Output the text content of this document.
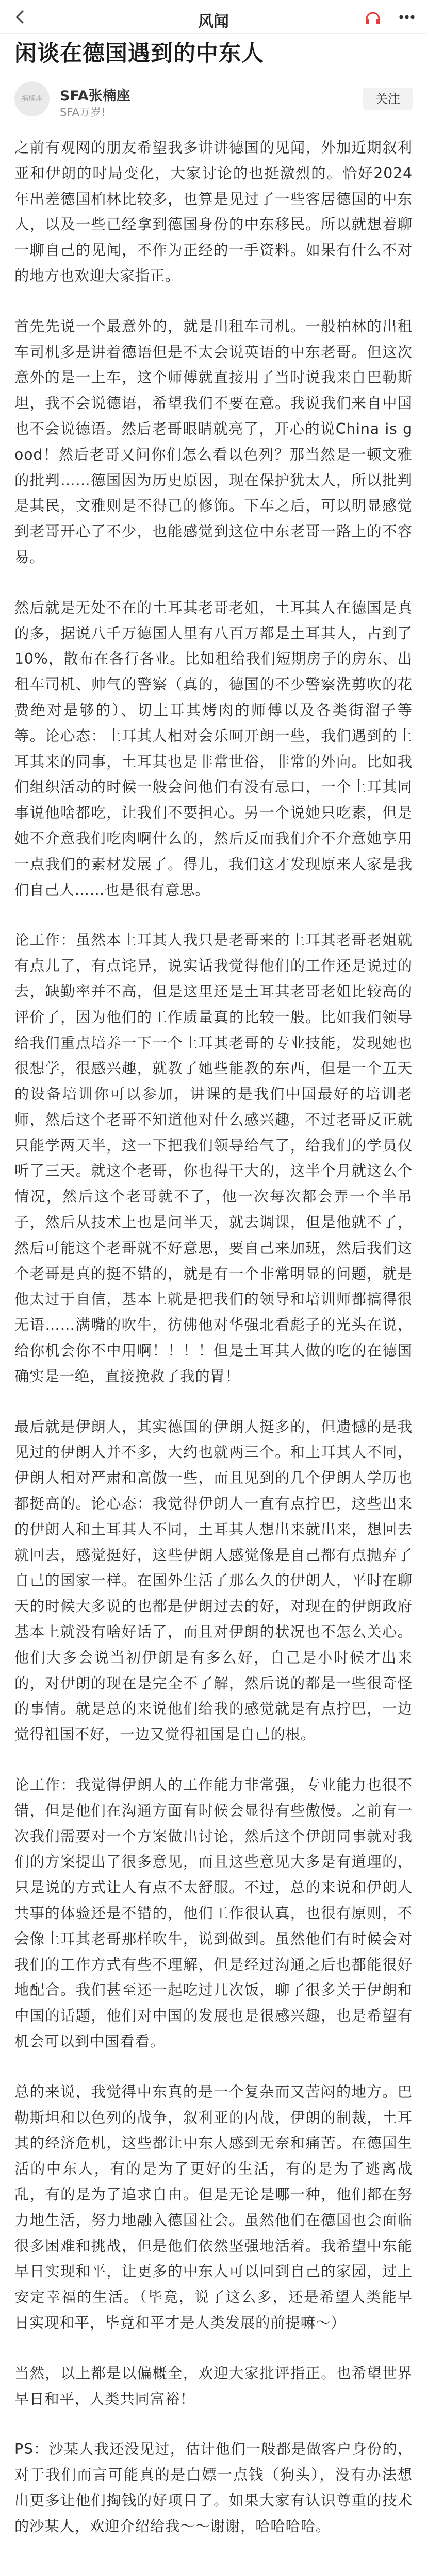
风闻
闲谈在德国遇到的中东人
福楠座	SFA张楠座
SFA万岁!
关注

之前有观网的朋友希望我多讲讲德国的见闻，外加近期叙利亚和伊朗的时局变化，大家讨论的也挺激烈的。恰好2024年出差德国柏林比较多，也算是见过了一些客居德国的中东人，以及一些已经拿到德国身份的中东移民。所以就想着聊一聊自己的见闻，不作为正经的一手资料。如果有什么不对的地方也欢迎大家指正。

首先先说一个最意外的，就是出租车司机。一般柏林的出租车司机多是讲着德语但是不太会说英语的中东老哥。但这次意外的是一上车，这个师傅就直接用了当时说我来自巴勒斯坦，我不会说德语，希望我们不要在意。我说我们来自中国也不会说德语。然后老哥眼睛就亮了，开心的说China is good！然后老哥又问你们怎么看以色列？那当然是一顿文雅的批判……德国因为历史原因，现在保护犹太人，所以批判是其民，文雅则是不得已的修饰。下车之后，可以明显感觉到老哥开心了不少，也能感觉到这位中东老哥一路上的不容易。

然后就是无处不在的土耳其老哥老姐，土耳其人在德国是真的多，据说八千万德国人里有八百万都是土耳其人，占到了10%，散布在各行各业。比如租给我们短期房子的房东、出租车司机、帅气的警察（真的，德国的不少警察洗剪吹的花费绝对是够的）、切土耳其烤肉的师傅以及各类街溜子等等。论心态：土耳其人相对会乐呵开朗一些，我们遇到的土耳其来的同事，土耳其也是非常世俗，非常的外向。比如我们组织活动的时候一般会问他们有没有忌口，一个土耳其同事说他啥都吃，让我们不要担心。另一个说她只吃素，但是她不介意我们吃肉啊什么的，然后反而我们介不介意她享用一点我们的素材发展了。得儿，我们这才发现原来人家是我们自己人……也是很有意思。

论工作：虽然本土耳其人我只是老哥来的土耳其老哥老姐就有点儿了，有点诧异，说实话我觉得他们的工作还是说过的去，缺勤率并不高，但是这里还是土耳其老哥老姐比较高的评价了，因为他们的工作质量真的比较一般。比如我们领导给我们重点培养一下一个土耳其老哥的专业技能，发现她也很想学，很感兴趣，就教了她些能教的东西，但是一个五天的设备培训你可以参加，讲课的是我们中国最好的培训老师，然后这个老哥不知道他对什么感兴趣，不过老哥反正就只能学两天半，这一下把我们领导给气了，给我们的学员仅听了三天。就这个老哥，你也得干大的，这半个月就这么个情况，然后这个老哥就不了，他一次每次都会弄一个半吊子，然后从技术上也是问半天，就去调课，但是他就不了，然后可能这个老哥就不好意思，要自己来加班，然后我们这个老哥是真的挺不错的，就是有一个非常明显的问题，就是他太过于自信，基本上就是把我们的领导和培训师都搞得很无语……满嘴的吹牛，彷佛他对华强北看彪子的光头在说，给你机会你不中用啊！！！！但是土耳其人做的吃的在德国确实是一绝，直接挽救了我的胃！

最后就是伊朗人，其实德国的伊朗人挺多的，但遗憾的是我见过的伊朗人并不多，大约也就两三个。和土耳其人不同，伊朗人相对严肃和高傲一些，而且见到的几个伊朗人学历也都挺高的。论心态：我觉得伊朗人一直有点拧巴，这些出来的伊朗人和土耳其人不同，土耳其人想出来就出来，想回去就回去，感觉挺好，这些伊朗人感觉像是自己都有点抛弃了自己的国家一样。在国外生活了那么久的伊朗人，平时在聊天的时候大多说的也都是伊朗过去的好，对现在的伊朗政府基本上就没有啥好话了，而且对伊朗的状况也不怎么关心。他们大多会说当初伊朗是有多么好，自己是小时候才出来的，对伊朗的现在是完全不了解，然后说的都是一些很奇怪的事情。就是总的来说他们给我的感觉就是有点拧巴，一边觉得祖国不好，一边又觉得祖国是自己的根。

论工作：我觉得伊朗人的工作能力非常强，专业能力也很不错，但是他们在沟通方面有时候会显得有些傲慢。之前有一次我们需要对一个方案做出讨论，然后这个伊朗同事就对我们的方案提出了很多意见，而且这些意见大多是有道理的，只是说的方式让人有点不太舒服。不过，总的来说和伊朗人共事的体验还是不错的，他们工作很认真，也很有原则，不会像土耳其老哥那样吹牛，说到做到。虽然他们有时候会对我们的工作方式有些不理解，但是经过沟通之后也都能很好地配合。我们甚至还一起吃过几次饭，聊了很多关于伊朗和中国的话题，他们对中国的发展也是很感兴趣，也是希望有机会可以到中国看看。

总的来说，我觉得中东真的是一个复杂而又苦闷的地方。巴勒斯坦和以色列的战争，叙利亚的内战，伊朗的制裁，土耳其的经济危机，这些都让中东人感到无奈和痛苦。在德国生活的中东人，有的是为了更好的生活，有的是为了逃离战乱，有的是为了追求自由。但是无论是哪一种，他们都在努力地生活，努力地融入德国社会。虽然他们在德国也会面临很多困难和挑战，但是他们依然坚强地活着。我希望中东能早日实现和平，让更多的中东人可以回到自己的家园，过上安定幸福的生活。（毕竟，说了这么多，还是希望人类能早日实现和平，毕竟和平才是人类发展的前提嘛～）

当然，以上都是以偏概全，欢迎大家批评指正。也希望世界早日和平，人类共同富裕！

PS：沙某人我还没见过，估计他们一般都是做客户身份的，对于我们而言可能真的是白嫖一点钱（狗头），没有办法想出更多让他们掏钱的好项目了。如果大家有认识尊重的技术的沙某人，欢迎介绍给我～～谢谢，哈哈哈哈。
